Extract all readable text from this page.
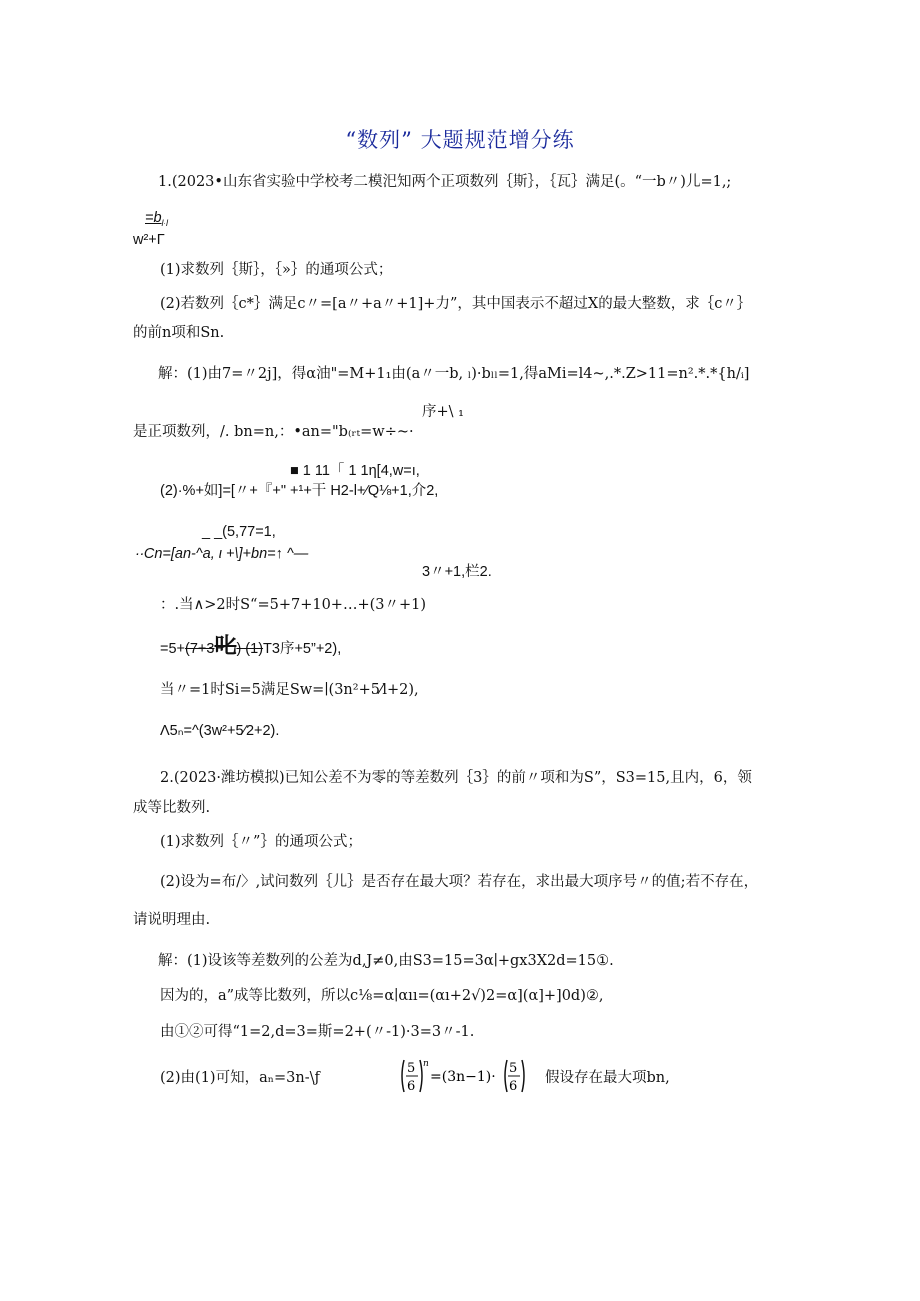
“数列” 大题规范增分练
1.(2023•山东省实验中学校考二模汜知两个正项数列｛斯｝，｛瓦｝满足(。“一b〃)儿=1,;
$=b_{l l}$
w²+Γ
(1)求数列｛斯｝，｛»｝的通项公式；
(2)若数列｛c*｝满足c〃=[a〃+a〃+1]+力”，其中国表示不超过X的最大整数，求｛c〃｝
的前n项和Sn.
解：(1)由7=〃2j]，得α油"=M+1₁由(a〃一b, ₗ)·bₗₗ=1,得aMi=l4~,.*.Z>11=n².*.*{h/ᵢ]
序+\ ₁
是正项数列，/. bn=n,：•an="b₍ᵣₜ=w÷~·
■ 1 11「 1 1η[4,w=ı,
(2)·%+如]=[〃+『+" +¹+干 H2-l+⁄Q⅛+1,介2,
_ _(5,77=1,
·∙Cn=[an-^a, ι +\]+bn=↑ ^—
3〃+1,栏2.
：.当∧>2时S“=5+7+10+…+(3〃+1)
=5+(7+3叱) (1)T3序+5”+2),
当〃=1时Si=5满足Sw=∣(3n²+5⁄l+2),
Λ5ₙ=^(3w²+5⁄2+2).
2.(2023·潍坊模拟)已知公差不为零的等差数列｛3｝的前〃项和为S”，S3=15,且内，6，领
成等比数列.
(1)求数列｛〃”｝的通项公式；
(2)设为=布/〉,试问数列｛儿｝是否存在最大项？若存在，求出最大项序号〃的值;若不存在，
请说明理由.
解：(1)设该等差数列的公差为d,J≠0,由S3=15=3α∣+gx3X2d=15①.
因为的，a”成等比数列，所以c⅛=α∣αıı=(αı+2√)2=α](α]+]0d)②,
由①②可得“1=2,d=3=斯=2+(〃-1)·3=3〃-1.
(2)由(1)可知，aₙ=3n-\ƒ
5
6
n
=(3n−1)·
5
6
假设存在最大项bn,
